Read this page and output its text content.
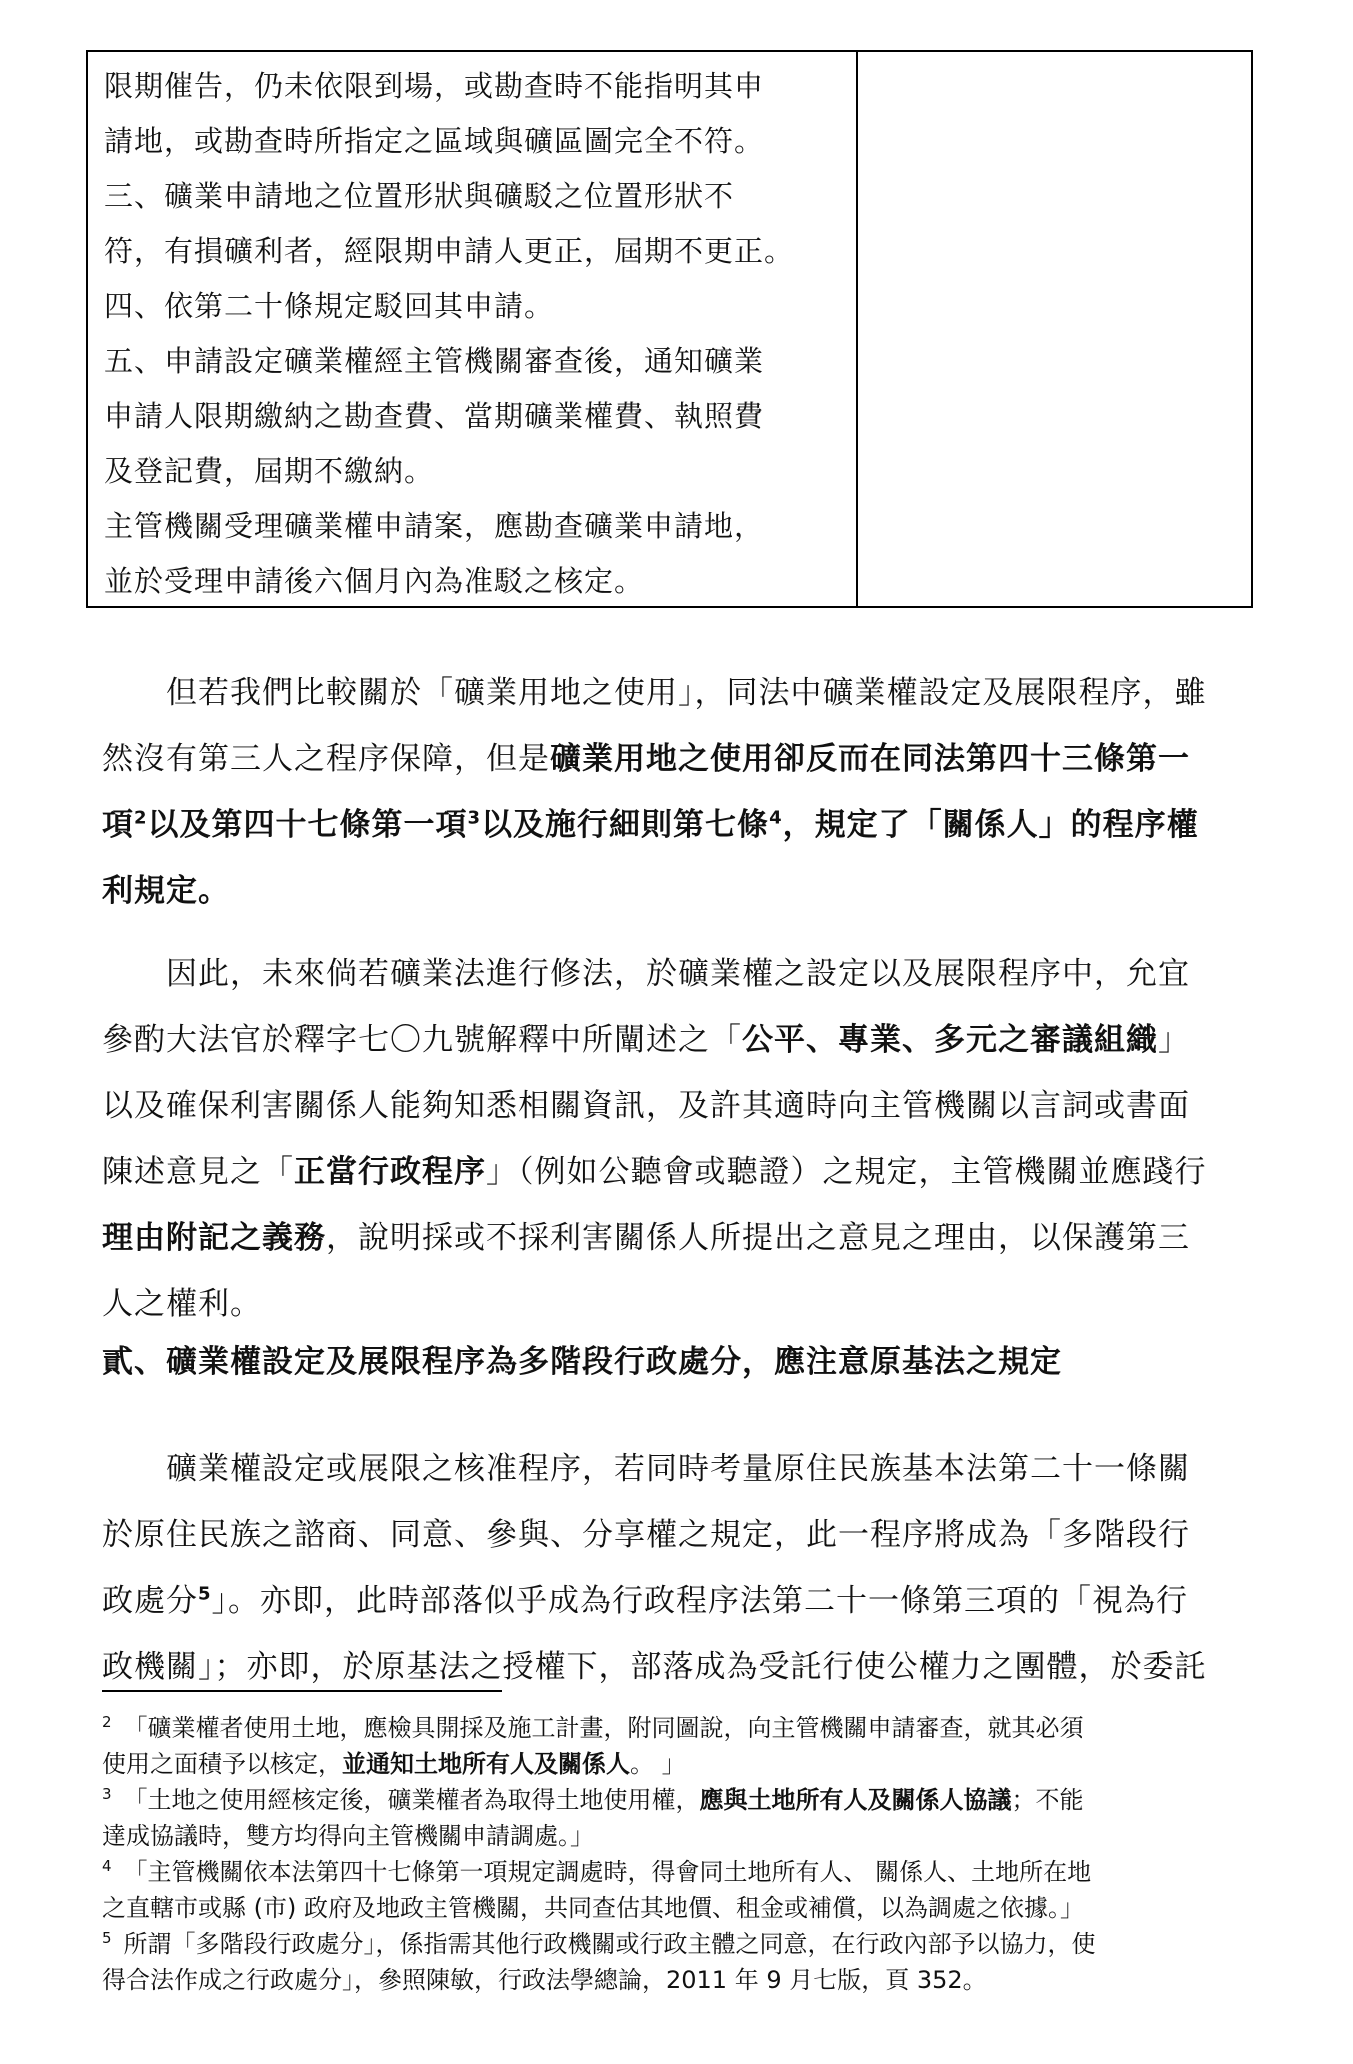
限期催告，仍未依限到場，或勘查時不能指明其申
請地，或勘查時所指定之區域與礦區圖完全不符。
三、礦業申請地之位置形狀與礦駁之位置形狀不
符，有損礦利者，經限期申請人更正，屆期不更正。
四、依第二十條規定駁回其申請。
五、申請設定礦業權經主管機關審查後，通知礦業
申請人限期繳納之勘查費、當期礦業權費、執照費
及登記費，屆期不繳納。
主管機關受理礦業權申請案，應勘查礦業申請地，
並於受理申請後六個月內為准駁之核定。
但若我們比較關於「礦業用地之使用」，同法中礦業權設定及展限程序，雖
然沒有第三人之程序保障，但是礦業用地之使用卻反而在同法第四十三條第一
項$^2$以及第四十七條第一項$^3$以及施行細則第七條$^4$，規定了「關係人」的程序權
利規定。
因此，未來倘若礦業法進行修法，於礦業權之設定以及展限程序中，允宜
參酌大法官於釋字七〇九號解釋中所闡述之「公平、專業、多元之審議組織」
以及確保利害關係人能夠知悉相關資訊，及許其適時向主管機關以言詞或書面
陳述意見之「正當行政程序」（例如公聽會或聽證）之規定，主管機關並應踐行
理由附記之義務，說明採或不採利害關係人所提出之意見之理由，以保護第三
人之權利。
貳、礦業權設定及展限程序為多階段行政處分，應注意原基法之規定
礦業權設定或展限之核准程序，若同時考量原住民族基本法第二十一條關
於原住民族之諮商、同意、參與、分享權之規定，此一程序將成為「多階段行
政處分$^5$」。亦即，此時部落似乎成為行政程序法第二十一條第三項的「視為行
政機關」；亦即，於原基法之授權下，部落成為受託行使公權力之團體，於委託
$^2$ 「礦業權者使用土地，應檢具開採及施工計畫，附同圖說，向主管機關申請審查，就其必須
使用之面積予以核定，並通知土地所有人及關係人。 」
$^3$ 「土地之使用經核定後，礦業權者為取得土地使用權，應與土地所有人及關係人協議；不能
達成協議時，雙方均得向主管機關申請調處。」
$^4$ 「主管機關依本法第四十七條第一項規定調處時，得會同土地所有人、 關係人、土地所在地
之直轄市或縣 (市) 政府及地政主管機關，共同查估其地價、租金或補償，以為調處之依據。」
$^5$ 所謂「多階段行政處分」，係指需其他行政機關或行政主體之同意，在行政內部予以協力，使
得合法作成之行政處分」，參照陳敏，行政法學總論，2011 年 9 月七版，頁 352。
